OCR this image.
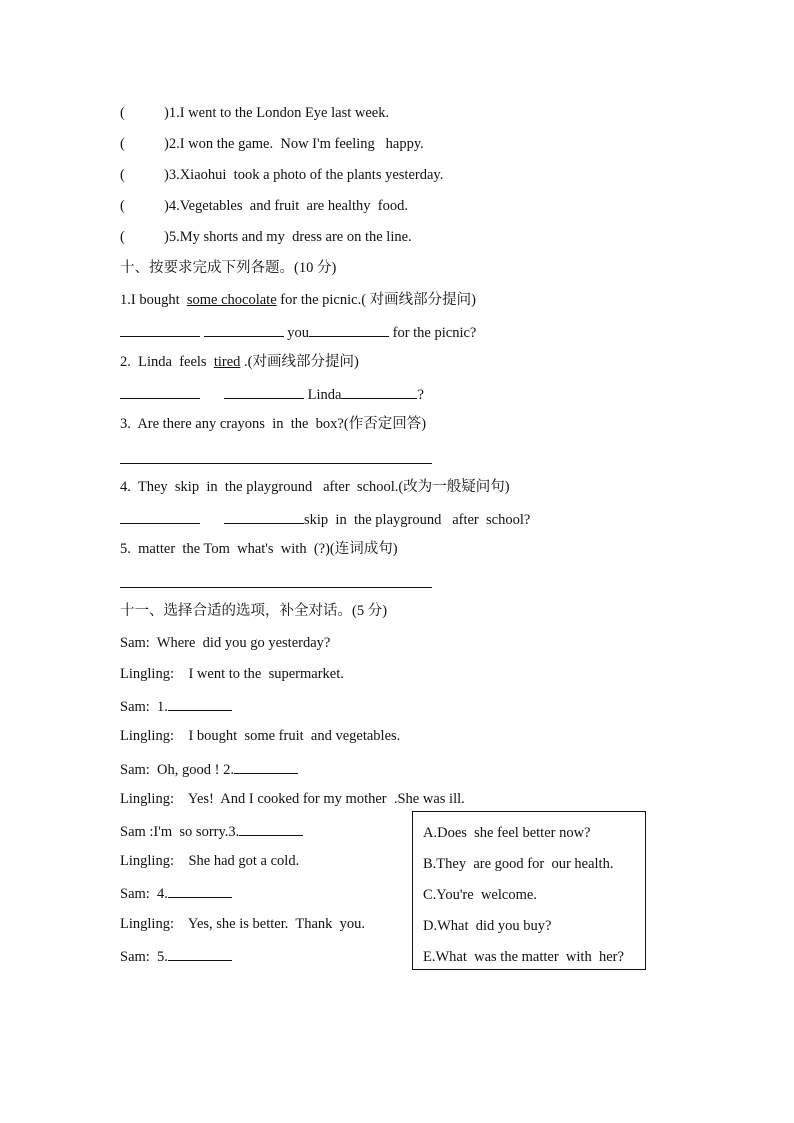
(	)1.I went to the London Eye last week.
(	)2.I won the game.  Now I'm feeling   happy.
(	)3.Xiaohui  took a photo of the plants yesterday.
(	)4.Vegetables  and fruit  are healthy  food.
(	)5.My shorts and my  dress are on the line.
十、按要求完成下列各题。(10 分)
1.I bought  some chocolate for the picnic.( 对画线部分提问)
you	for the picnic?
2.  Linda  feels  tired .(对画线部分提问)
Linda	?
3.  Are there any crayons  in  the  box?(作否定回答)
4.  They  skip  in  the playground   after  school.(改为一般疑问句)
skip  in  the playground   after  school?
5.  matter  the Tom  what's  with  (?)(连词成句)
十一、选择合适的选项，补全对话。(5 分)
Sam:  Where  did you go yesterday?
Lingling:    I went to the  supermarket.
Sam:  1.
Lingling:    I bought  some fruit  and vegetables.
Sam:  Oh, good ! 2.
Lingling:    Yes!  And I cooked for my mother  .She was ill.
Sam :I'm  so sorry.3.
Lingling:    She had got a cold.
Sam:  4.
Lingling:    Yes, she is better.  Thank  you.
Sam:  5.
A.Does  she feel better now?
B.They  are good for  our health.
C.You're  welcome.
D.What  did you buy?
E.What  was the matter  with  her?
